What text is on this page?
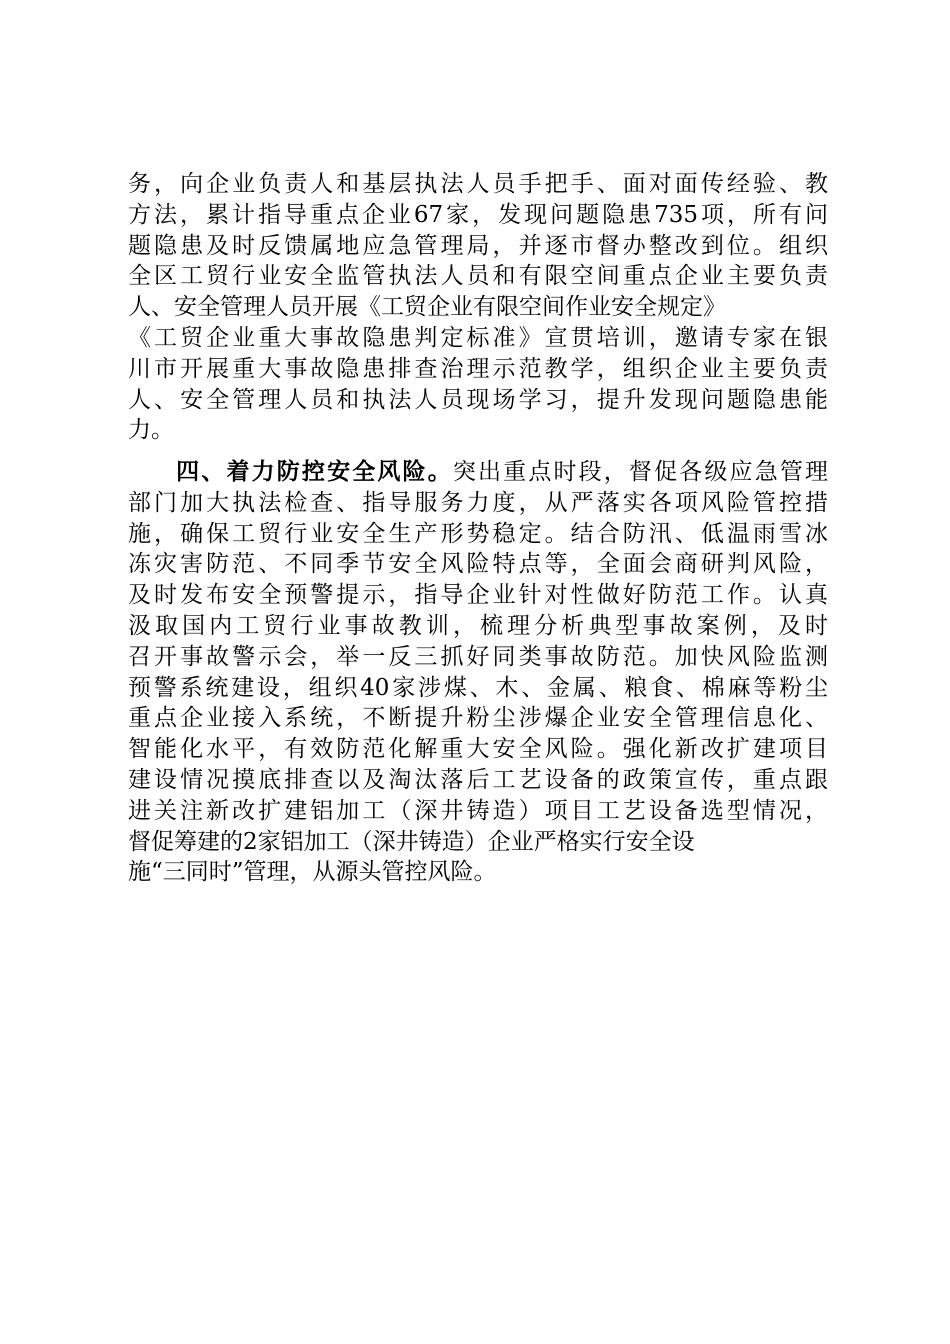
务，向企业负责人和基层执法人员手把手、面对面传经验、教
方法，累计指导重点企业67家，发现问题隐患735项，所有问
题隐患及时反馈属地应急管理局，并逐市督办整改到位。组织
全区工贸行业安全监管执法人员和有限空间重点企业主要负责
人、安全管理人员开展《工贸企业有限空间作业安全规定》
《工贸企业重大事故隐患判定标准》宣贯培训，邀请专家在银
川市开展重大事故隐患排查治理示范教学，组织企业主要负责
人、安全管理人员和执法人员现场学习，提升发现问题隐患能
力。
四、着力防控安全风险。突出重点时段，督促各级应急管理
部门加大执法检查、指导服务力度，从严落实各项风险管控措
施，确保工贸行业安全生产形势稳定。结合防汛、低温雨雪冰
冻灾害防范、不同季节安全风险特点等，全面会商研判风险，
及时发布安全预警提示，指导企业针对性做好防范工作。认真
汲取国内工贸行业事故教训，梳理分析典型事故案例，及时
召开事故警示会，举一反三抓好同类事故防范。加快风险监测
预警系统建设，组织40家涉煤、木、金属、粮食、棉麻等粉尘
重点企业接入系统，不断提升粉尘涉爆企业安全管理信息化、
智能化水平，有效防范化解重大安全风险。强化新改扩建项目
建设情况摸底排查以及淘汰落后工艺设备的政策宣传，重点跟
进关注新改扩建铝加工（深井铸造）项目工艺设备选型情况，
督促筹建的2家铝加工（深井铸造）企业严格实行安全设
施“三同时”管理，从源头管控风险。
